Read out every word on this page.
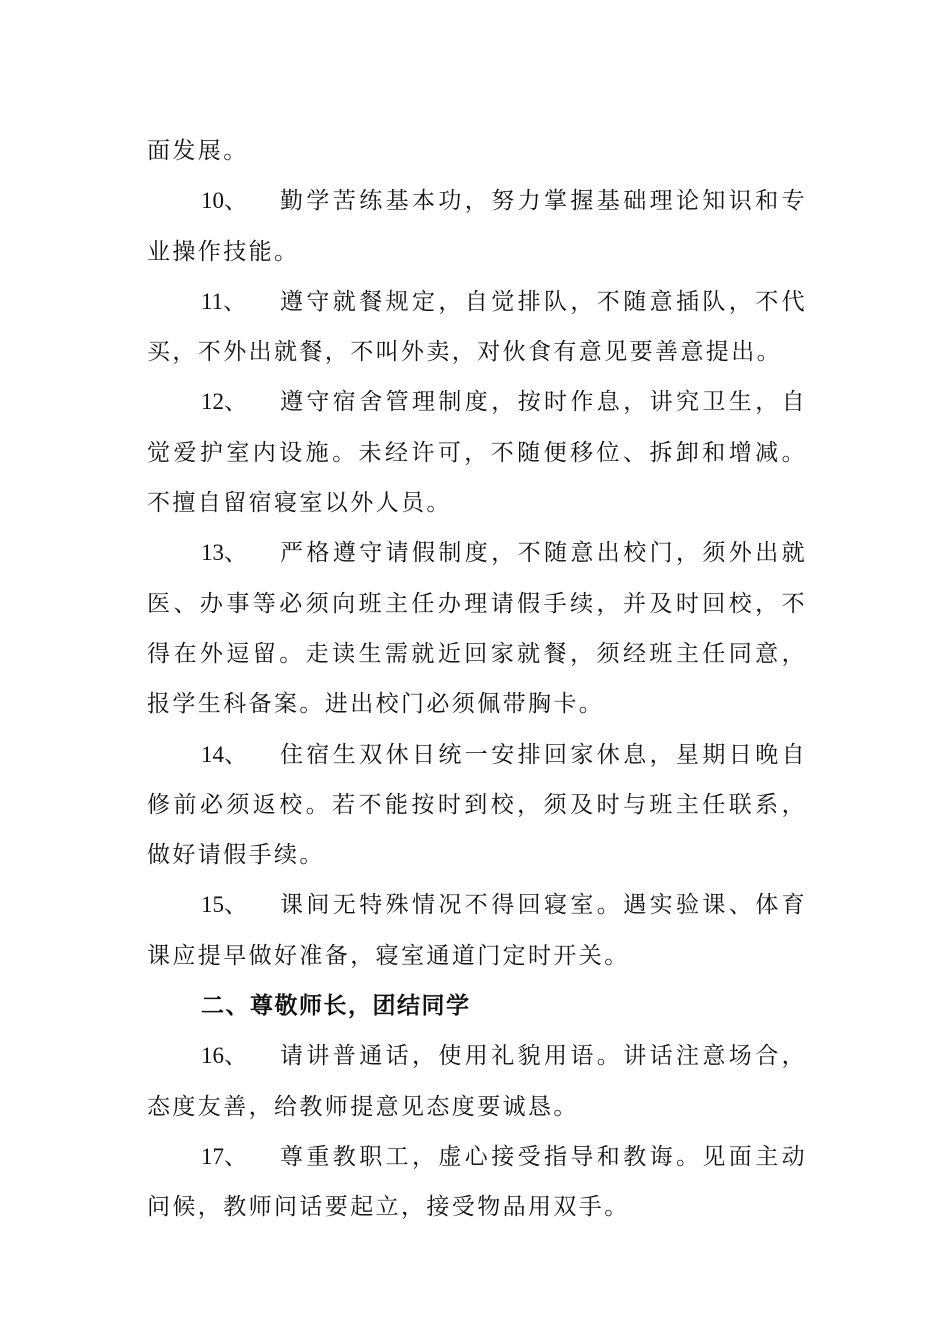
面发展。

10、 勤学苦练基本功，努力掌握基础理论知识和专业操作技能。

11、 遵守就餐规定，自觉排队，不随意插队，不代买，不外出就餐，不叫外卖，对伙食有意见要善意提出。

12、 遵守宿舍管理制度，按时作息，讲究卫生，自觉爱护室内设施。未经许可，不随便移位、拆卸和增减。不擅自留宿寝室以外人员。

13、 严格遵守请假制度，不随意出校门，须外出就医、办事等必须向班主任办理请假手续，并及时回校，不得在外逗留。走读生需就近回家就餐，须经班主任同意，报学生科备案。进出校门必须佩带胸卡。

14、 住宿生双休日统一安排回家休息，星期日晚自修前必须返校。若不能按时到校，须及时与班主任联系，做好请假手续。

15、 课间无特殊情况不得回寝室。遇实验课、体育课应提早做好准备，寝室通道门定时开关。

二、尊敬师长，团结同学

16、 请讲普通话，使用礼貌用语。讲话注意场合，态度友善，给教师提意见态度要诚恳。

17、 尊重教职工，虚心接受指导和教诲。见面主动问候，教师问话要起立，接受物品用双手。
